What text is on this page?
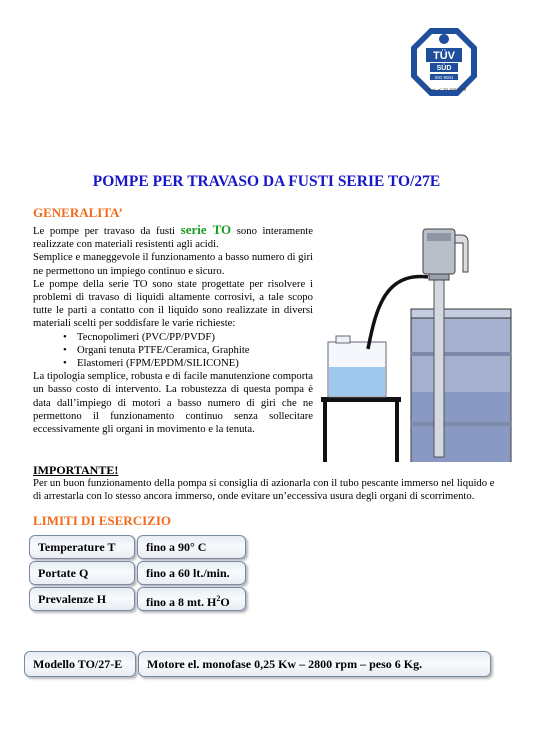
TÜV
SÜD
ISO 9001
Cert. n° 50 100 6378
POMPE PER TRAVASO DA FUSTI SERIE TO/27E
GENERALITA’

Le pompe per travaso da fusti serie TO sono interamente realizzate con materiali resistenti agli acidi.

Semplice e maneggevole il funzionamento a basso numero di giri ne permettono un impiego continuo e sicuro.

Le pompe della serie TO sono state progettate per risolvere i problemi di travaso di liquidi altamente corrosivi, a tale scopo tutte le parti a contatto con il liquido sono realizzate in diversi materiali scelti per soddisfare le varie richieste:

• Tecnopolimeri (PVC/PP/PVDF)
• Organi tenuta PTFE/Ceramica, Graphite
• Elastomeri (FPM/EPDM/SILICONE)

La tipologia semplice, robusta e di facile manutenzione comporta un basso costo di intervento. La robustezza di questa pompa è data dall’impiego di motori a basso numero di giri che ne permettono il funzionamento continuo senza sollecitare eccessivamente gli organi in movimento e la tenuta.

IMPORTANTE!
Per un buon funzionamento della pompa si consiglia di azionarla con il tubo pescante immerso nel liquido e di arrestarla con lo stesso ancora immerso, onde evitare un’eccessiva usura degli organi di scorrimento.
LIMITI DI ESERCIZIO
Temperature T	fino a 90° C
Portate Q	fino a 60 lt./min.
Prevalenze H	fino a 8 mt. $H^2O$
Modello TO/27-E	Motore el. monofase 0,25 Kw – 2800 rpm – peso 6 Kg.
